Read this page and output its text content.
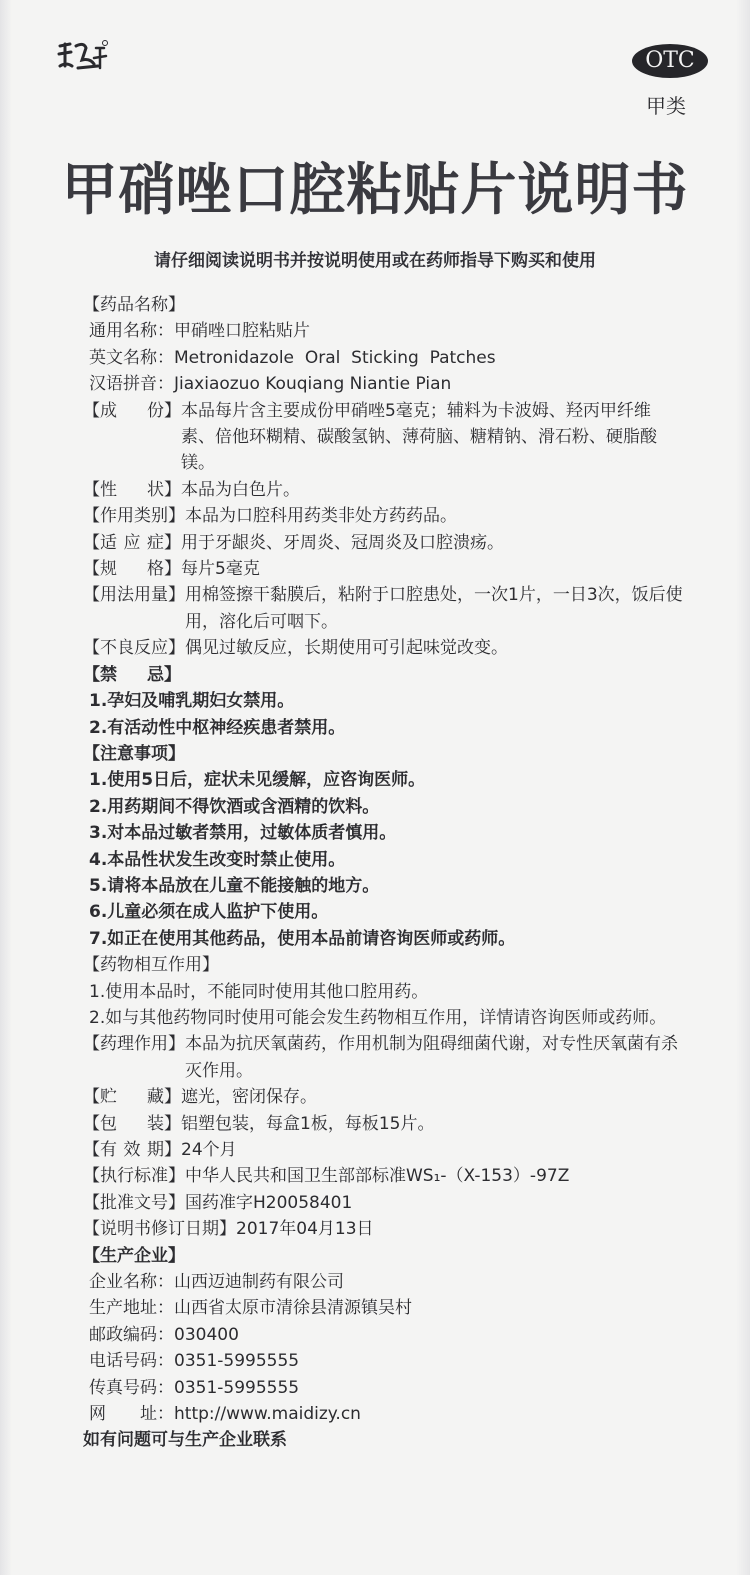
OTC
甲类
甲硝唑口腔粘贴片说明书
请仔细阅读说明书并按说明使用或在药师指导下购买和使用
【药品名称】
通用名称：甲硝唑口腔粘贴片
英文名称：Metronidazole  Oral  Sticking  Patches
汉语拼音：Jiaxiaozuo Kouqiang Niantie Pian
【 成 份 】 本品每片含主要成份甲硝唑5毫克；辅料为卡波姆、羟丙甲纤维素、倍他环糊精、碳酸氢钠、薄荷脑、糖精钠、滑石粉、硬脂酸镁。
【 性 状 】 本品为白色片。
【作用类别】 本品为口腔科用药类非处方药药品。
【 适 应 症 】 用于牙龈炎、牙周炎、冠周炎及口腔溃疡。
【 规 格 】 每片5毫克
【用法用量】 用棉签擦干黏膜后，粘附于口腔患处，一次1片，一日3次，饭后使用，溶化后可咽下。
【不良反应】 偶见过敏反应，长期使用可引起味觉改变。
【 禁 忌 】
1.孕妇及哺乳期妇女禁用。
2.有活动性中枢神经疾患者禁用。
【注意事项】
1.使用5日后，症状未见缓解，应咨询医师。
2.用药期间不得饮酒或含酒精的饮料。
3.对本品过敏者禁用，过敏体质者慎用。
4.本品性状发生改变时禁止使用。
5.请将本品放在儿童不能接触的地方。
6.儿童必须在成人监护下使用。
7.如正在使用其他药品，使用本品前请咨询医师或药师。
【药物相互作用】
1.使用本品时，不能同时使用其他口腔用药。
2.如与其他药物同时使用可能会发生药物相互作用，详情请咨询医师或药师。
【药理作用】 本品为抗厌氧菌药，作用机制为阻碍细菌代谢，对专性厌氧菌有杀灭作用。
【 贮 藏 】 遮光，密闭保存。
【 包 装 】 铝塑包装，每盒1板，每板15片。
【 有 效 期 】 24个月
【执行标准】 中华人民共和国卫生部部标准WS₁-（X-153）-97Z
【批准文号】 国药准字H20058401
【说明书修订日期】 2017年04月13日
【生产企业】
企业名称：山西迈迪制药有限公司
生产地址：山西省太原市清徐县清源镇吴村
邮政编码：030400
电话号码：0351-5995555
传真号码：0351-5995555
网 址 ：http://www.maidizy.cn
如有问题可与生产企业联系
